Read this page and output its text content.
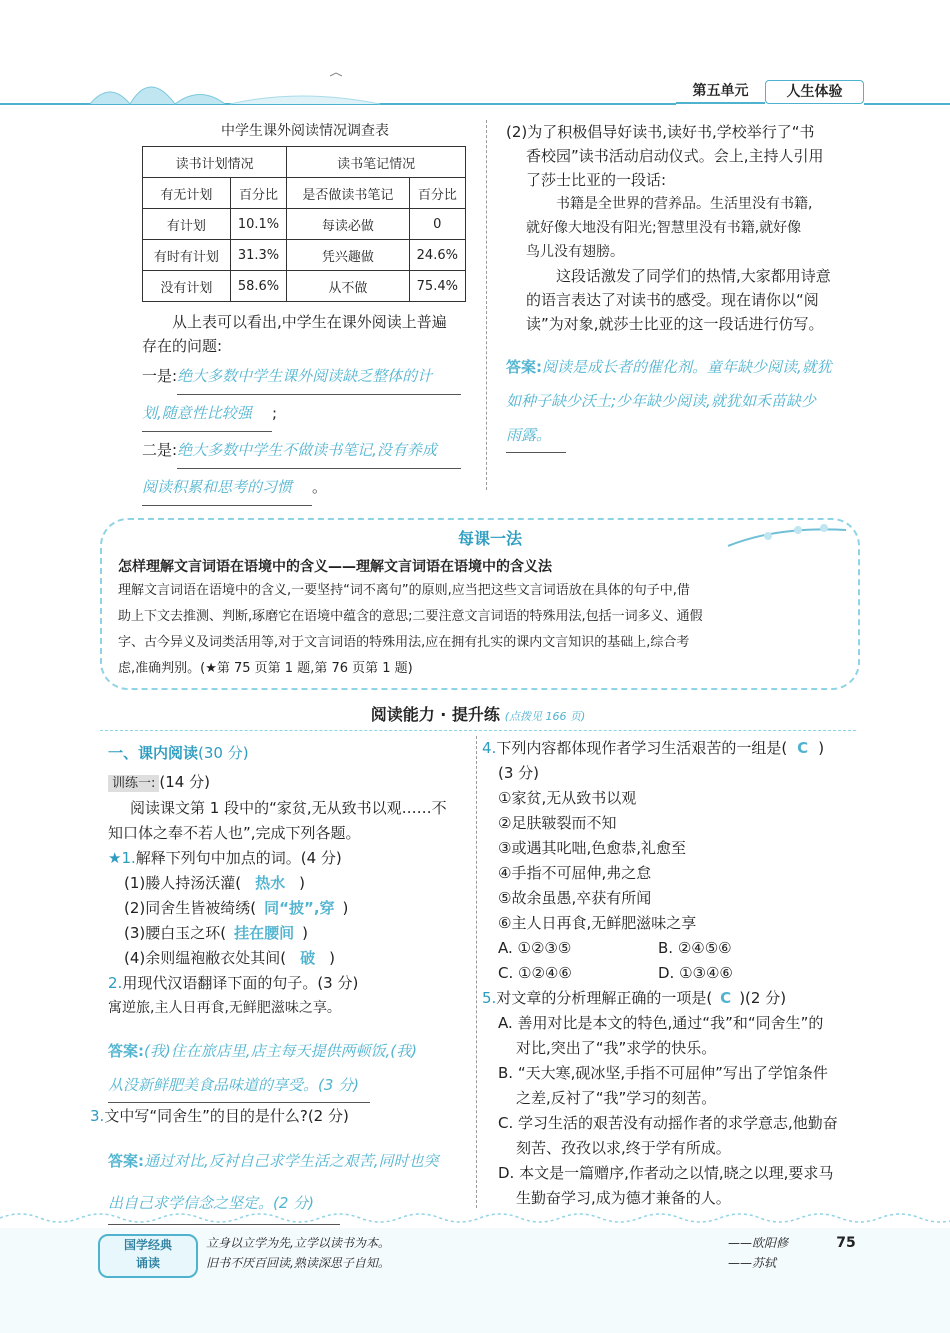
第五单元	人生体验
中学生课外阅读情况调查表
读书计划情况		读书笔记情况	
有无计划	百分比	是否做读书笔记	百分比
有计划	10.1%	每读必做	0
有时有计划	31.3%	凭兴趣做	24.6%
没有计划	58.6%	从不做	75.4%
从上表可以看出,中学生在课外阅读上普遍
存在的问题:
一是:绝大多数中学生课外阅读缺乏整体的计
划,随意性比较强 ;
二是:绝大多数中学生不做读书笔记,没有养成
阅读积累和思考的习惯 。
(2)为了积极倡导好读书,读好书,学校举行了“书
香校园”读书活动启动仪式。会上,主持人引用
了莎士比亚的一段话:
书籍是全世界的营养品。生活里没有书籍,
就好像大地没有阳光;智慧里没有书籍,就好像
鸟儿没有翅膀。
这段话激发了同学们的热情,大家都用诗意
的语言表达了对读书的感受。现在请你以“阅
读”为对象,就莎士比亚的这一段话进行仿写。
答案:阅读是成长者的催化剂。童年缺少阅读,就犹
如种子缺少沃土;少年缺少阅读,就犹如禾苗缺少
雨露。
每课一法
怎样理解文言词语在语境中的含义——理解文言词语在语境中的含义法
理解文言词语在语境中的含义,一要坚持“词不离句”的原则,应当把这些文言词语放在具体的句子中,借
助上下文去推测、判断,琢磨它在语境中蕴含的意思;二要注意文言词语的特殊用法,包括一词多义、通假
字、古今异义及词类活用等,对于文言词语的特殊用法,应在拥有扎实的课内文言知识的基础上,综合考
虑,准确判别。(★第 75 页第 1 题,第 76 页第 1 题)
阅读能力 · 提升练 (点拨见 166 页)
一、课内阅读(30 分)
训练一: (14 分)
阅读课文第 1 段中的“家贫,无从致书以观……不
知口体之奉不若人也”,完成下列各题。
★1.解释下列句中加点的词。(4 分)
(1)媵人持汤沃灌( 热水 )
(2)同舍生皆被绮绣( 同“披”,穿 )
(3)腰白玉之环( 挂在腰间 )
(4)余则缊袍敝衣处其间( 破 )
2.用现代汉语翻译下面的句子。(3 分)
寓逆旅,主人日再食,无鲜肥滋味之享。
答案:(我)住在旅店里,店主每天提供两顿饭,(我)
从没新鲜肥美食品味道的享受。(3 分)
3.文中写“同舍生”的目的是什么?(2 分)
答案:通过对比,反衬自己求学生活之艰苦,同时也突
出自己求学信念之坚定。(2 分)
4.下列内容都体现作者学习生活艰苦的一组是( C )
(3 分)
①家贫,无从致书以观
②足肤皲裂而不知
③或遇其叱咄,色愈恭,礼愈至
④手指不可屈伸,弗之怠
⑤故余虽愚,卒获有所闻
⑥主人日再食,无鲜肥滋味之享
A. ①②③⑤	B. ②④⑤⑥
C. ①②④⑥	D. ①③④⑥
5.对文章的分析理解正确的一项是( C )(2 分)
A. 善用对比是本文的特色,通过“我”和“同舍生”的
对比,突出了“我”求学的快乐。
B. “天大寒,砚冰坚,手指不可屈伸”写出了学馆条件
之差,反衬了“我”学习的刻苦。
C. 学习生活的艰苦没有动摇作者的求学意志,他勤奋
刻苦、孜孜以求,终于学有所成。
D. 本文是一篇赠序,作者动之以情,晓之以理,要求马
生勤奋学习,成为德才兼备的人。
国学经典
诵读
立身以立学为先,立学以读书为本。
旧书不厌百回读,熟读深思子自知。
——欧阳修
——苏轼
75
